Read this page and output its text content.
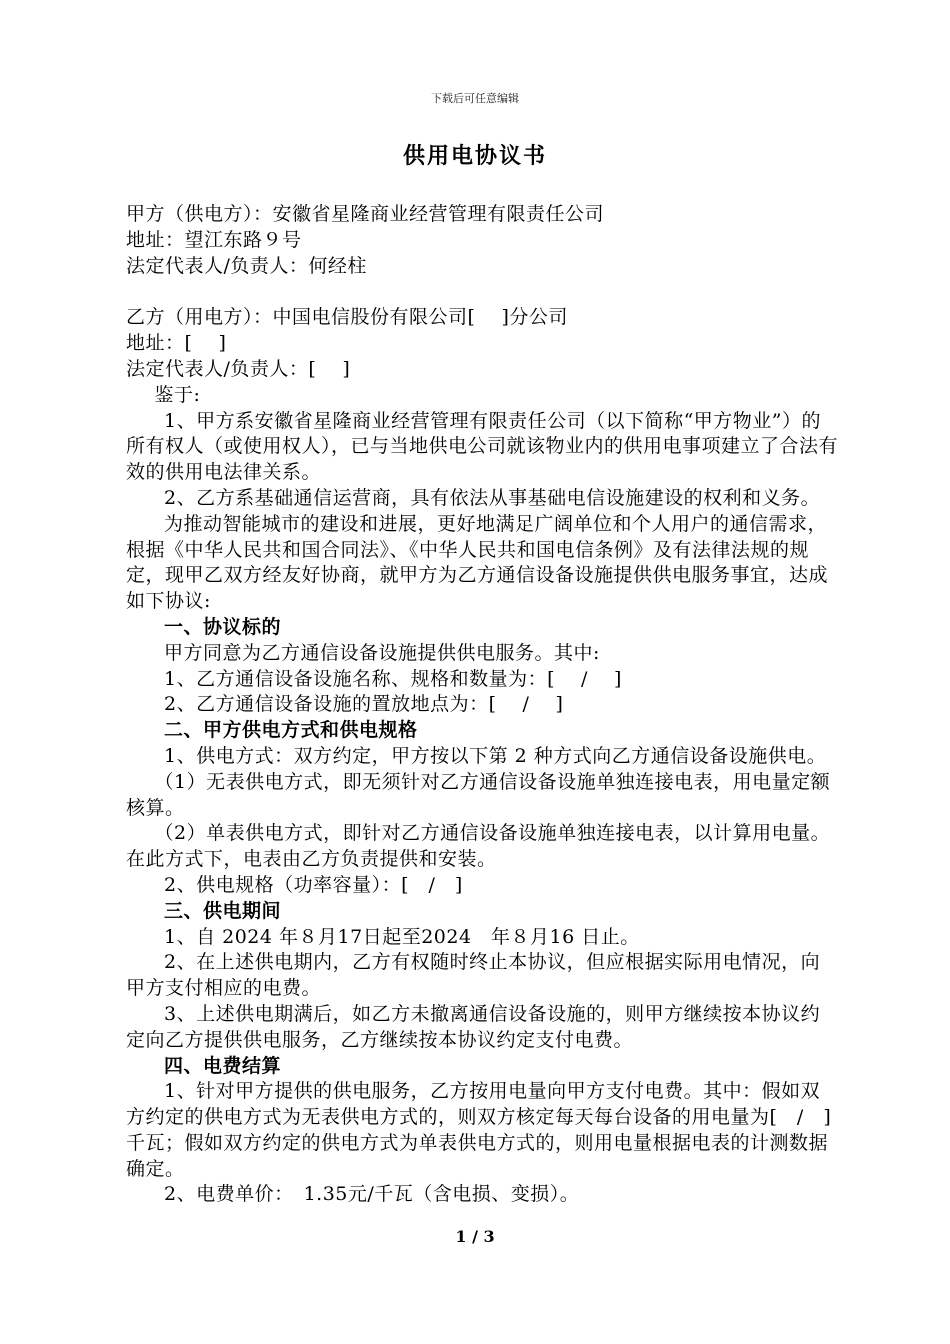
下载后可任意编辑
供用电协议书

甲方（供电方）：安徽省星隆商业经营管理有限责任公司

地址：望江东路９号

法定代表人/负责人：何经柱

乙方（用电方）：中国电信股份有限公司[　 ]分公司

地址：[　 ]

法定代表人/负责人：[　 ]

鉴于:

1、甲方系安徽省星隆商业经营管理有限责任公司（以下简称“甲方物业”）的所有权人（或使用权人），已与当地供电公司就该物业内的供用电事项建立了合法有效的供用电法律关系。

2、乙方系基础通信运营商，具有依法从事基础电信设施建设的权利和义务。

为推动智能城市的建设和进展，更好地满足广阔单位和个人用户的通信需求，根据《中华人民共和国合同法》、《中华人民共和国电信条例》及有法律法规的规定，现甲乙双方经友好协商，就甲方为乙方通信设备设施提供供电服务事宜，达成如下协议:

一、协议标的

甲方同意为乙方通信设备设施提供供电服务。其中:

1、乙方通信设备设施名称、规格和数量为：[　 /　 ]

2、乙方通信设备设施的置放地点为：[　 /　 ]

二、甲方供电方式和供电规格

1、供电方式：双方约定，甲方按以下第 2 种方式向乙方通信设备设施供电。

（1）无表供电方式，即无须针对乙方通信设备设施单独连接电表，用电量定额核算。

（2）单表供电方式，即针对乙方通信设备设施单独连接电表，以计算用电量。在此方式下，电表由乙方负责提供和安装。

2、供电规格（功率容量）：[　/　]

三、供电期间

1、自 2024 年８月17日起至2024　年８月16 日止。

2、在上述供电期内，乙方有权随时终止本协议，但应根据实际用电情况，向甲方支付相应的电费。

3、上述供电期满后，如乙方未撤离通信设备设施的，则甲方继续按本协议约定向乙方提供供电服务，乙方继续按本协议约定支付电费。

四、电费结算

1、针对甲方提供的供电服务，乙方按用电量向甲方支付电费。其中：假如双方约定的供电方式为无表供电方式的，则双方核定每天每台设备的用电量为[　/　]千瓦；假如双方约定的供电方式为单表供电方式的，则用电量根据电表的计测数据确定。

2、电费单价：　1.35元/千瓦（含电损、变损）。

1 / 3
